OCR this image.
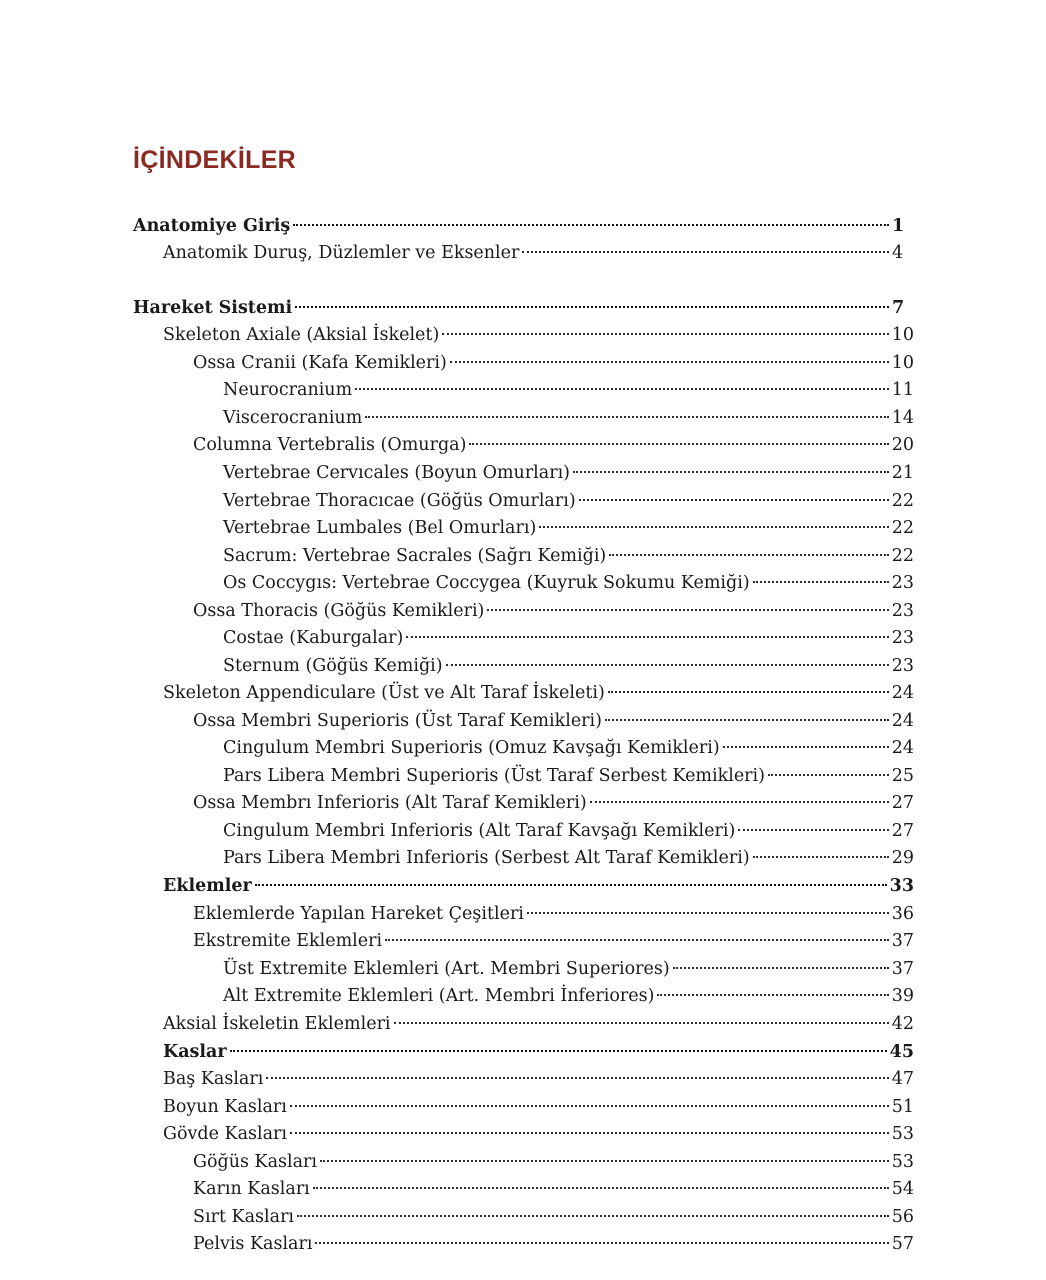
İÇİNDEKİLER
Anatomiye Giriş	1
Anatomik Duruş, Düzlemler ve Eksenler	4
Hareket Sistemi	7
Skeleton Axiale (Aksial İskelet)	10
Ossa Cranii (Kafa Kemikleri)	10
Neurocranium	11
Viscerocranium	14
Columna Vertebralis (Omurga)	20
Vertebrae Cervıcales (Boyun Omurları)	21
Vertebrae Thoracıcae (Göğüs Omurları)	22
Vertebrae Lumbales (Bel Omurları)	22
Sacrum: Vertebrae Sacrales (Sağrı Kemiği)	22
Os Coccygıs: Vertebrae Coccygea (Kuyruk Sokumu Kemiği)	23
Ossa Thoracis (Göğüs Kemikleri)	23
Costae (Kaburgalar)	23
Sternum (Göğüs Kemiği)	23
Skeleton Appendiculare (Üst ve Alt Taraf İskeleti)	24
Ossa Membri Superioris (Üst Taraf Kemikleri)	24
Cingulum Membri Superioris (Omuz Kavşağı Kemikleri)	24
Pars Libera Membri Superioris (Üst Taraf Serbest Kemikleri)	25
Ossa Membrı Inferioris (Alt Taraf Kemikleri)	27
Cingulum Membri Inferioris (Alt Taraf Kavşağı Kemikleri)	27
Pars Libera Membri Inferioris (Serbest Alt Taraf Kemikleri)	29
Eklemler	33
Eklemlerde Yapılan Hareket Çeşitleri	36
Ekstremite Eklemleri	37
Üst Extremite Eklemleri (Art. Membri Superiores)	37
Alt Extremite Eklemleri (Art. Membri İnferiores)	39
Aksial İskeletin Eklemleri	42
Kaslar	45
Baş Kasları	47
Boyun Kasları	51
Gövde Kasları	53
Göğüs Kasları	53
Karın Kasları	54
Sırt Kasları	56
Pelvis Kasları	57
